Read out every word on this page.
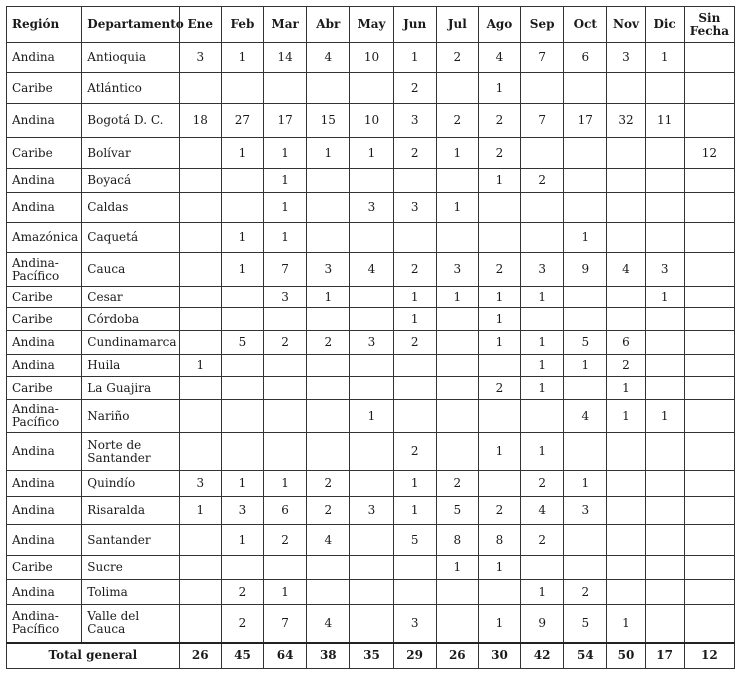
Región	Departamento	Ene	Feb	Mar	Abr	May	Jun	Jul	Ago	Sep	Oct	Nov	Dic	Sin Fecha
Andina	Antioquia	3	1	14	4	10	1	2	4	7	6	3	1	
Caribe	Atlántico						2		1					
Andina	Bogotá D. C.	18	27	17	15	10	3	2	2	7	17	32	11	
Caribe	Bolívar		1	1	1	1	2	1	2					12
Andina	Boyacá			1					1	2				
Andina	Caldas			1		3	3	1						
Amazónica	Caquetá		1	1							1			
Andina-Pacífico	Cauca		1	7	3	4	2	3	2	3	9	4	3	
Caribe	Cesar			3	1		1	1	1	1			1	
Caribe	Córdoba						1		1					
Andina	Cundinamarca		5	2	2	3	2		1	1	5	6		
Andina	Huila	1								1	1	2		
Caribe	La Guajira								2	1		1		
Andina-Pacífico	Nariño					1					4	1	1	
Andina	Norte de Santander						2		1	1				
Andina	Quindío	3	1	1	2		1	2		2	1			
Andina	Risaralda	1	3	6	2	3	1	5	2	4	3			
Andina	Santander		1	2	4		5	8	8	2				
Caribe	Sucre							1	1					
Andina	Tolima		2	1						1	2			
Andina-Pacífico	Valle del Cauca		2	7	4		3		1	9	5	1		
Total general		26	45	64	38	35	29	26	30	42	54	50	17	12
